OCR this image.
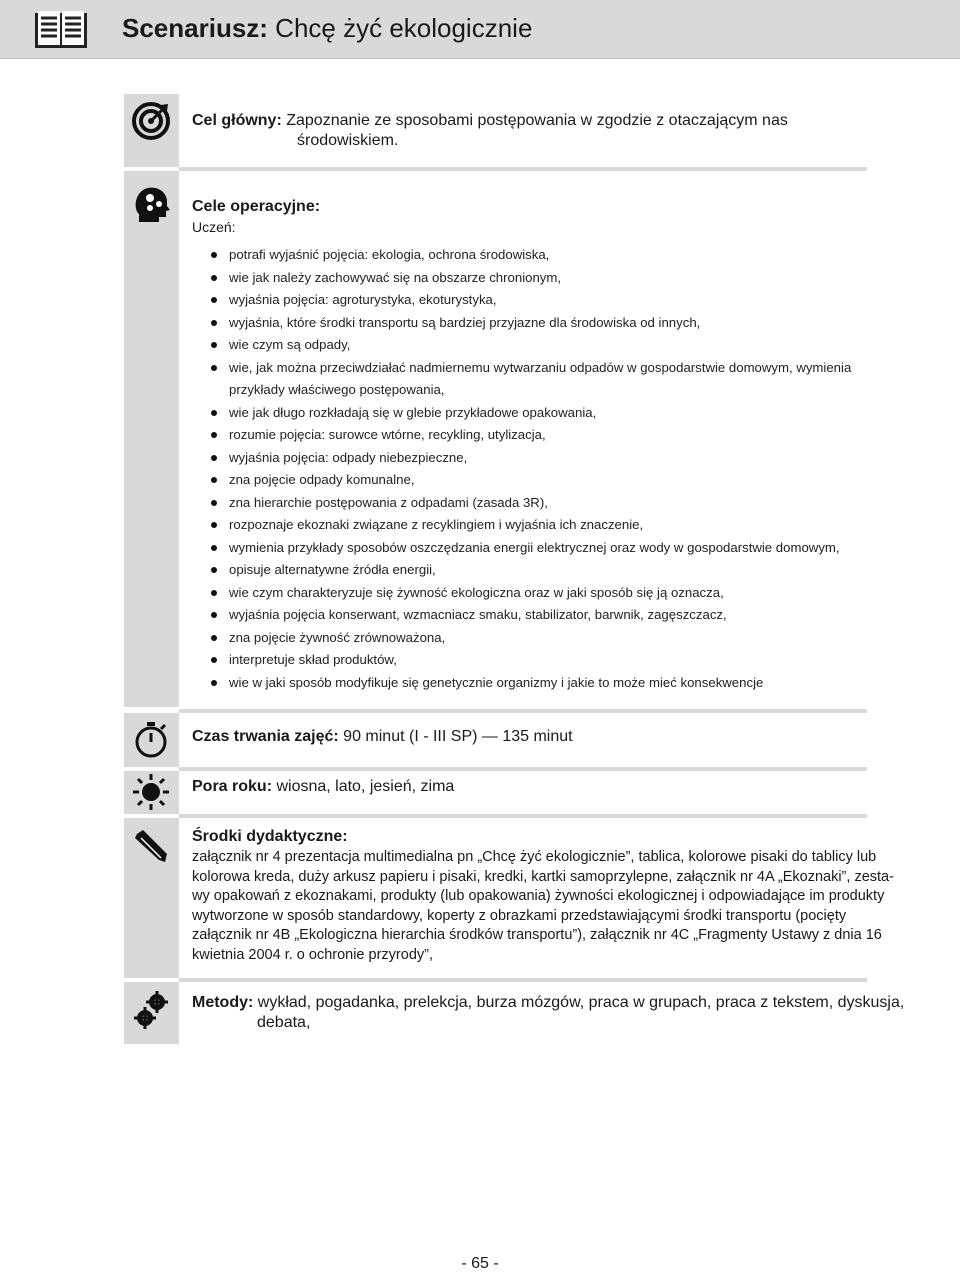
Scenariusz: Chcę żyć ekologicznie
Cel główny: Zapoznanie ze sposobami postępowania w zgodzie z otaczającym nas
środowiskiem.
Cele operacyjne:
Uczeń:
potrafi wyjaśnić pojęcia: ekologia, ochrona środowiska,
wie jak należy zachowywać się na obszarze chronionym,
wyjaśnia pojęcia: agroturystyka, ekoturystyka,
wyjaśnia, które środki transportu są bardziej przyjazne dla środowiska od innych,
wie czym są odpady,
wie, jak można przeciwdziałać nadmiernemu wytwarzaniu odpadów w gospodarstwie domowym, wymienia
przykłady właściwego postępowania,
wie jak długo rozkładają się w glebie przykładowe opakowania,
rozumie pojęcia: surowce wtórne, recykling, utylizacja,
wyjaśnia pojęcia: odpady niebezpieczne,
zna pojęcie odpady komunalne,
zna hierarchie postępowania z odpadami (zasada 3R),
rozpoznaje ekoznaki związane z recyklingiem i wyjaśnia ich znaczenie,
wymienia przykłady sposobów oszczędzania energii elektrycznej oraz wody w gospodarstwie domowym,
opisuje alternatywne źródła energii,
wie czym charakteryzuje się żywność ekologiczna oraz w jaki sposób się ją oznacza,
wyjaśnia pojęcia konserwant, wzmacniacz smaku, stabilizator, barwnik, zagęszczacz,
zna pojęcie żywność zrównoważona,
interpretuje skład produktów,
wie w jaki sposób modyfikuje się genetycznie organizmy i jakie to może mieć konsekwencje
Czas trwania zajęć: 90 minut (I - III SP) — 135 minut
Pora roku: wiosna, lato, jesień, zima
Środki dydaktyczne:
załącznik nr 4 prezentacja multimedialna pn „Chcę żyć ekologicznie”, tablica, kolorowe pisaki do tablicy lub
kolorowa kreda, duży arkusz papieru i pisaki, kredki, kartki samoprzylepne, załącznik nr 4A „Ekoznaki”, zesta-
wy opakowań z ekoznakami, produkty (lub opakowania) żywności ekologicznej i odpowiadające im produkty
wytworzone w sposób standardowy, koperty z obrazkami przedstawiającymi środki transportu (pocięty
załącznik nr 4B „Ekologiczna hierarchia środków transportu”), załącznik nr 4C „Fragmenty Ustawy z dnia 16
kwietnia 2004 r. o ochronie przyrody”,
Metody: wykład, pogadanka, prelekcja, burza mózgów, praca w grupach, praca z tekstem, dyskusja,
debata,
- 65 -
